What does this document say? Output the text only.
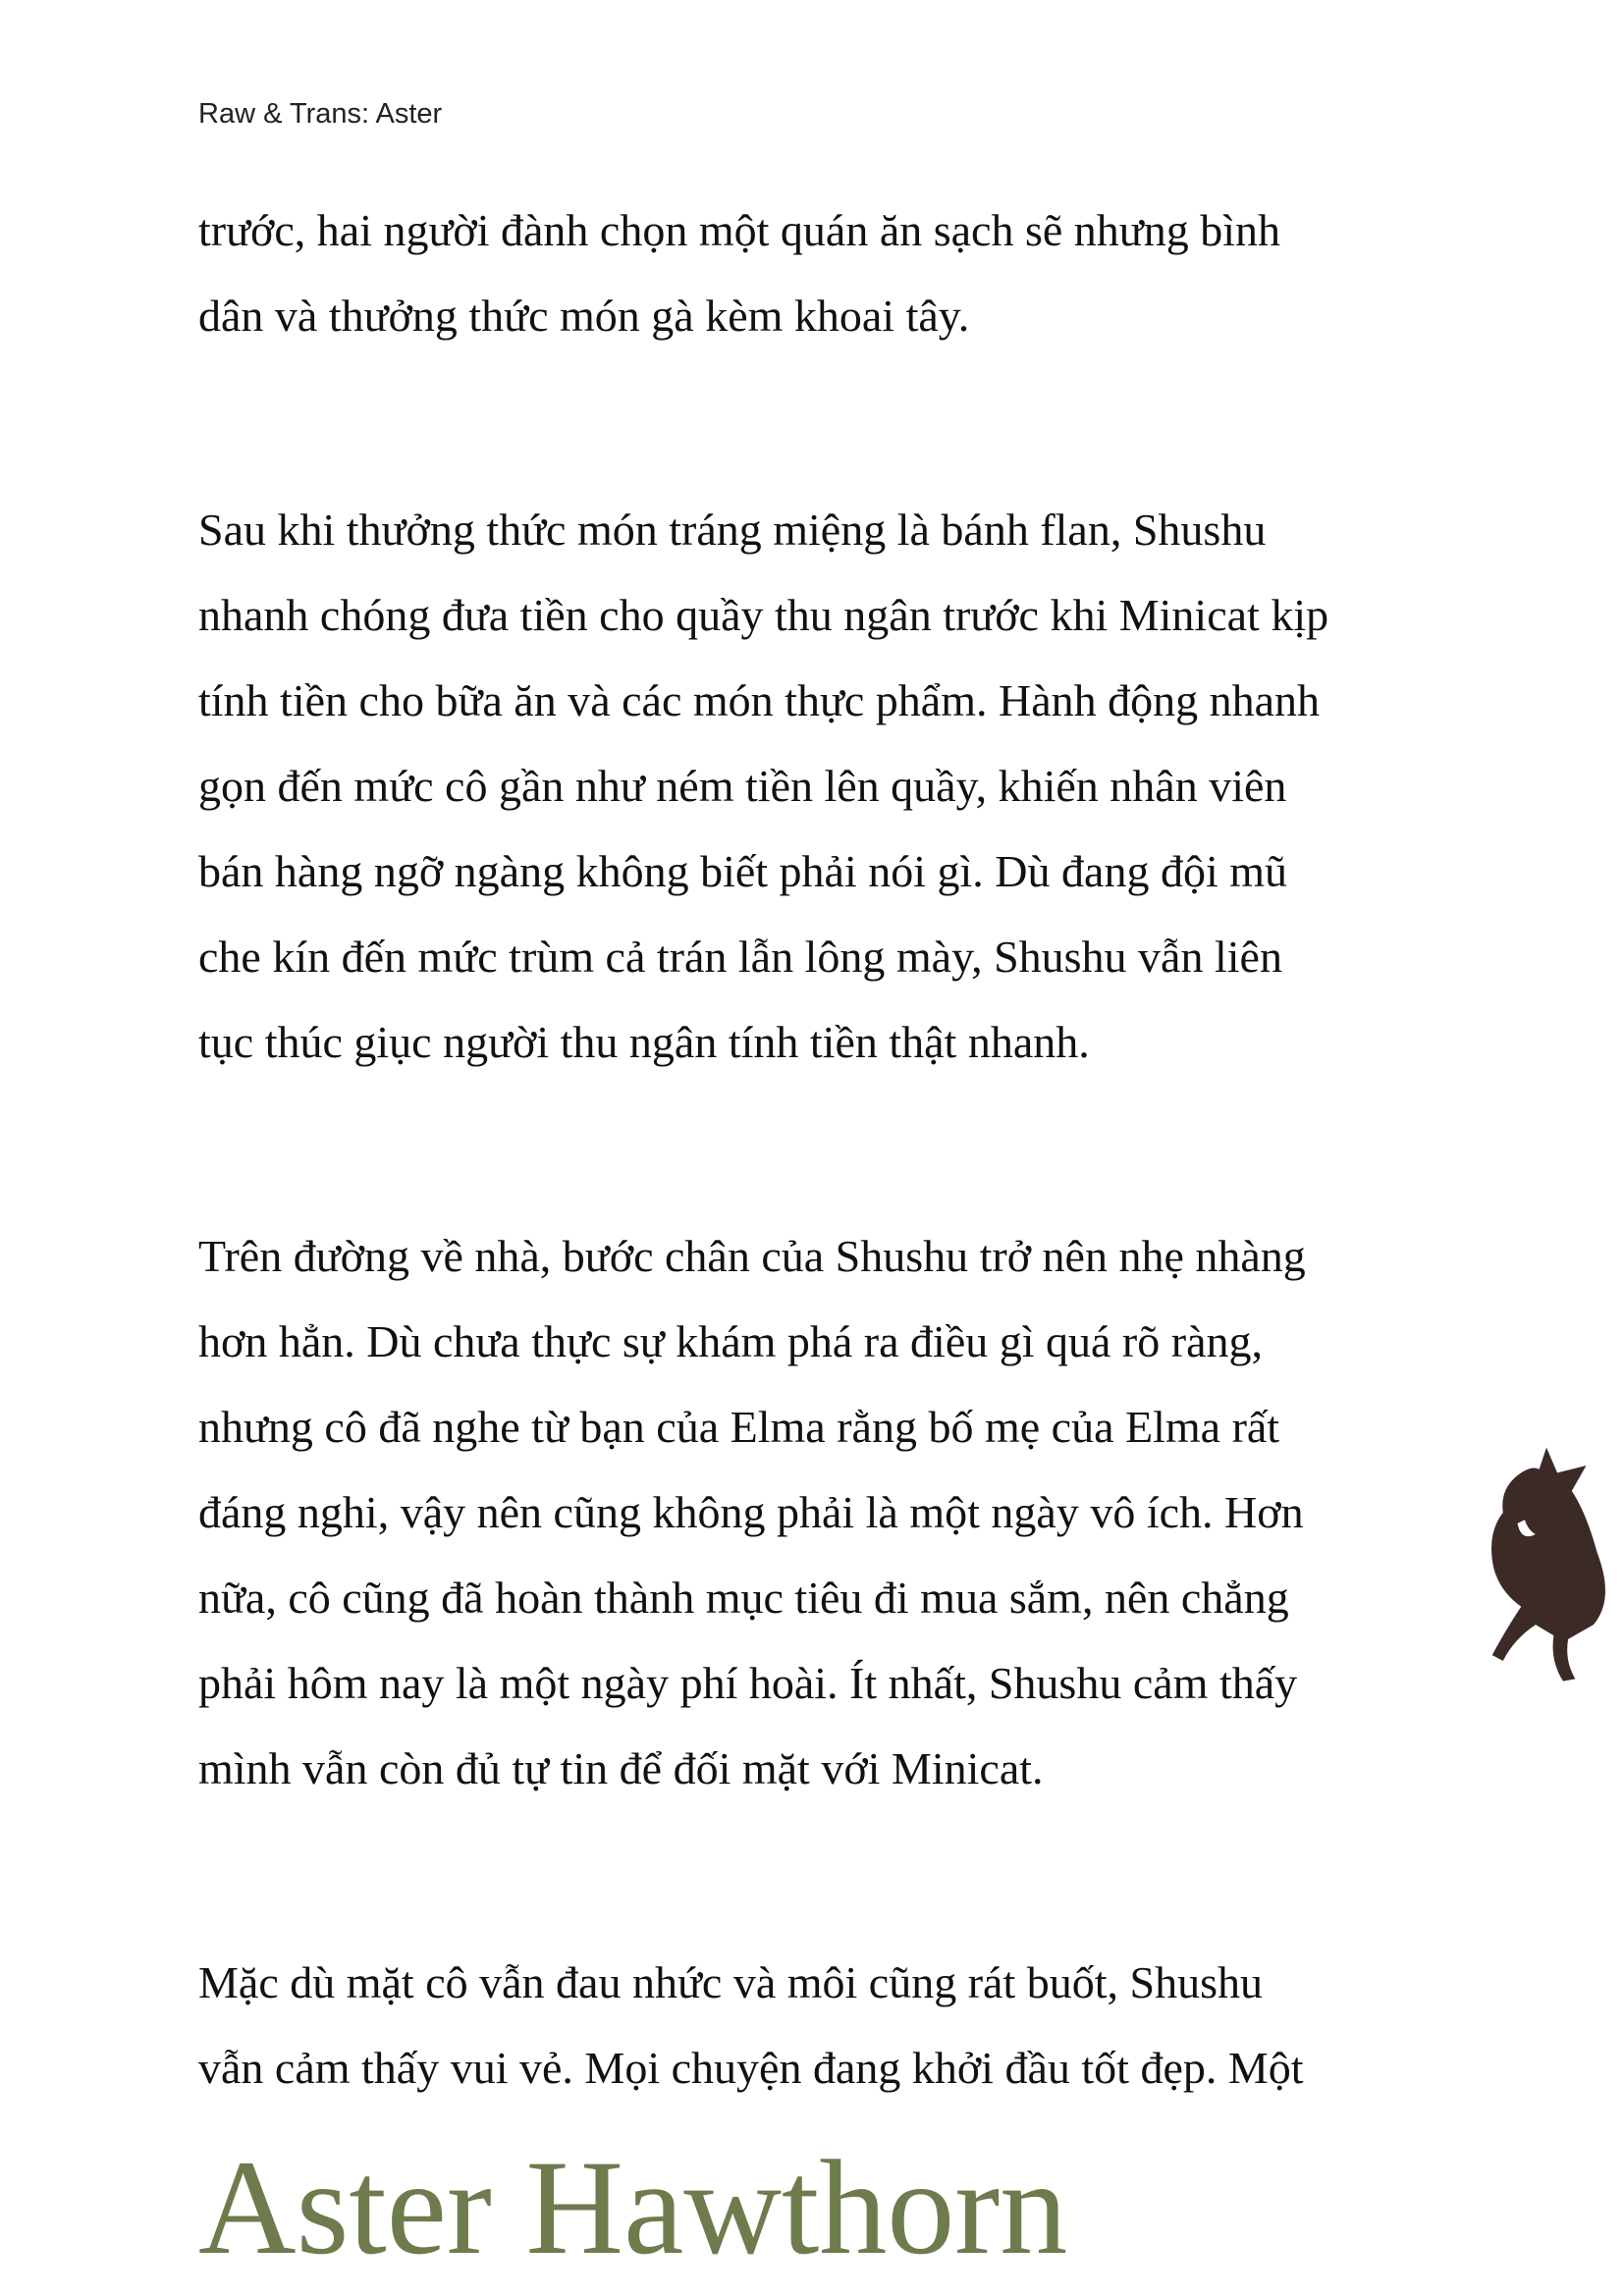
Raw & Trans: Aster
trước, hai người đành chọn một quán ăn sạch sẽ nhưng bình
dân và thưởng thức món gà kèm khoai tây.
Sau khi thưởng thức món tráng miệng là bánh flan, Shushu
nhanh chóng đưa tiền cho quầy thu ngân trước khi Minicat kịp
tính tiền cho bữa ăn và các món thực phẩm. Hành động nhanh
gọn đến mức cô gần như ném tiền lên quầy, khiến nhân viên
bán hàng ngỡ ngàng không biết phải nói gì. Dù đang đội mũ
che kín đến mức trùm cả trán lẫn lông mày, Shushu vẫn liên
tục thúc giục người thu ngân tính tiền thật nhanh.
Trên đường về nhà, bước chân của Shushu trở nên nhẹ nhàng
hơn hẳn. Dù chưa thực sự khám phá ra điều gì quá rõ ràng,
nhưng cô đã nghe từ bạn của Elma rằng bố mẹ của Elma rất
đáng nghi, vậy nên cũng không phải là một ngày vô ích. Hơn
nữa, cô cũng đã hoàn thành mục tiêu đi mua sắm, nên chẳng
phải hôm nay là một ngày phí hoài. Ít nhất, Shushu cảm thấy
mình vẫn còn đủ tự tin để đối mặt với Minicat.
Mặc dù mặt cô vẫn đau nhức và môi cũng rát buốt, Shushu
vẫn cảm thấy vui vẻ. Mọi chuyện đang khởi đầu tốt đẹp. Một
Aster Hawthorn
